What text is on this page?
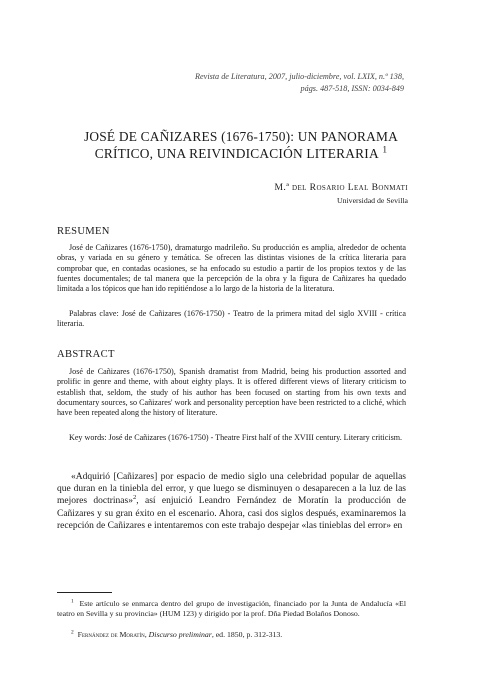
Revista de Literatura, 2007, julio-diciembre, vol. LXIX, n.º 138,
págs. 487-518, ISSN: 0034-849
JOSÉ DE CAÑIZARES (1676-1750): UN PANORAMA
CRÍTICO, UNA REIVINDICACIÓN LITERARIA $^1$
M.ª del Rosario Leal Bonmati
Universidad de Sevilla
RESUMEN
José de Cañizares (1676-1750), dramaturgo madrileño. Su producción es amplia, alrededor de ochenta obras, y variada en su género y temática. Se ofrecen las distintas visiones de la crítica literaria para comprobar que, en contadas ocasiones, se ha enfocado su estudio a partir de los propios textos y de las fuentes documentales; de tal manera que la percepción de la obra y la figura de Cañizares ha quedado limitada a los tópicos que han ido repitiéndose a lo largo de la historia de la literatura.
Palabras clave: José de Cañizares (1676-1750) - Teatro de la primera mitad del siglo XVIII - crítica literaria.
ABSTRACT
José de Cañizares (1676-1750), Spanish dramatist from Madrid, being his production assorted and prolific in genre and theme, with about eighty plays. It is offered different views of literary criticism to establish that, seldom, the study of his author has been focused on starting from his own texts and documentary sources, so Cañizares' work and personality perception have been restricted to a cliché, which have been repeated along the history of literature.
Key words: José de Cañizares (1676-1750) - Theatre First half of the XVIII century. Literary criticism.
«Adquirió [Cañizares] por espacio de medio siglo una celebridad popular de aquellas que duran en la tiniebla del error, y que luego se disminuyen o desaparecen a la luz de las mejores doctrinas»$^2$, así enjuició Leandro Fernández de Moratín la producción de Cañizares y su gran éxito en el escenario. Ahora, casi dos siglos después, examinaremos la recepción de Cañizares e intentaremos con este trabajo despejar «las tinieblas del error» en
$^1$ Este artículo se enmarca dentro del grupo de investigación, financiado por la Junta de Andalucía «El teatro en Sevilla y su provincia» (HUM 123) y dirigido por la prof. Dña Piedad Bolaños Donoso.
$^2$ Fernández de Moratín, Discurso preliminar, ed. 1850, p. 312-313.
